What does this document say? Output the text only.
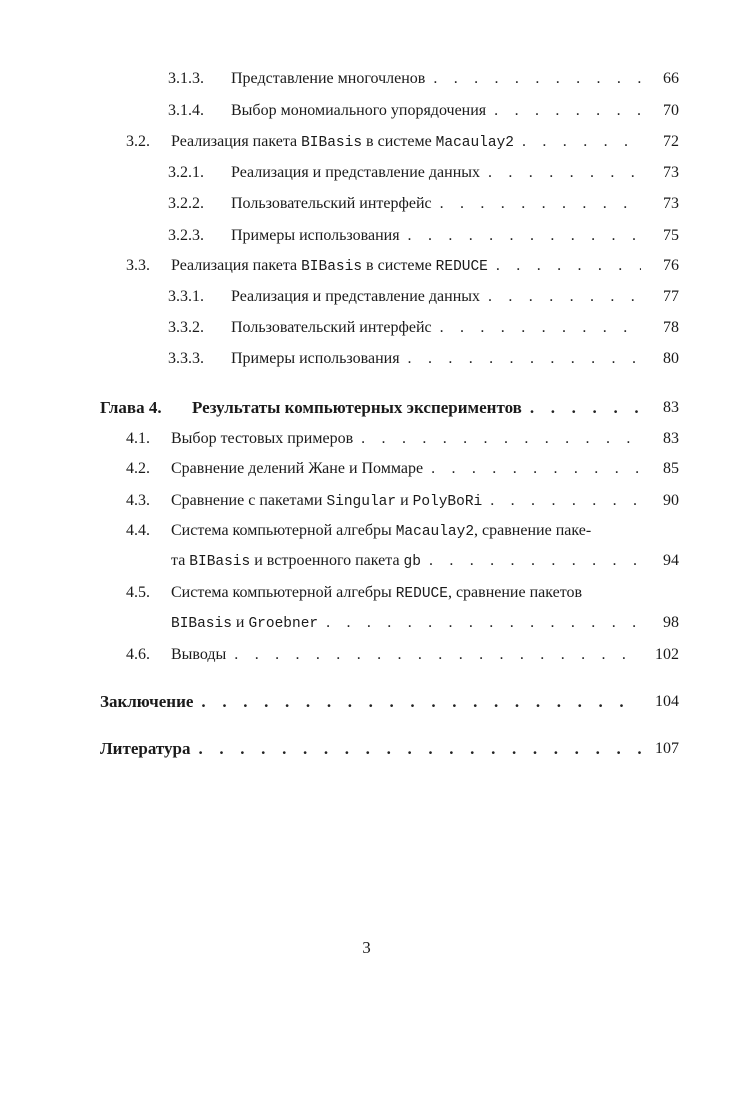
3.1.3. Представление многочленов . . .	66
3.1.4. Выбор мономиального упорядочения . . .	70
3.2. Реализация пакета BIBasis в системе Macaulay2 . . .	72
3.2.1. Реализация и представление данных . . .	73
3.2.2. Пользовательский интерфейс . . .	73
3.2.3. Примеры использования . . .	75
3.3. Реализация пакета BIBasis в системе REDUCE . . .	76
3.3.1. Реализация и представление данных . . .	77
3.3.2. Пользовательский интерфейс . . .	78
3.3.3. Примеры использования . . .	80
Глава 4. Результаты компьютерных экспериментов . . .	83
4.1. Выбор тестовых примеров . . .	83
4.2. Сравнение делений Жане и Поммаре . . .	85
4.3. Сравнение с пакетами Singular и PolyBoRi . . .	90
4.4. Система компьютерной алгебры Macaulay2, сравнение паке-
та BIBasis и встроенного пакета gb . . .	94
4.5. Система компьютерной алгебры REDUCE, сравнение пакетов
BIBasis и Groebner . . .	98
4.6. Выводы . . .	102
Заключение . . .	104
Литература . . .	107
3
